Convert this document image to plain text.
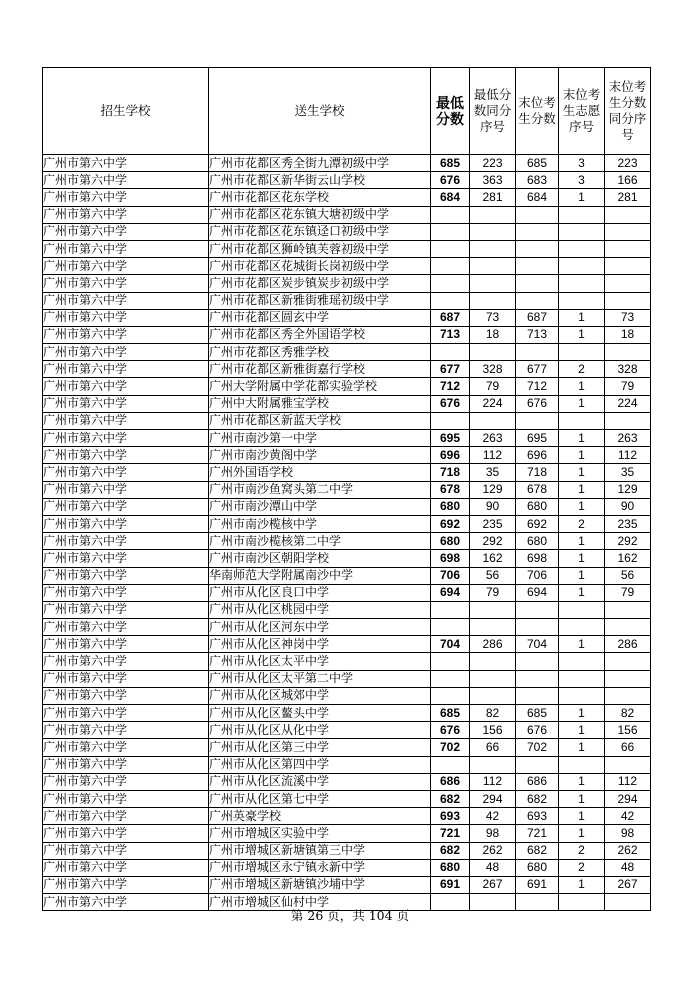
招生学校	送生学校	最低分数	最低分数同分序号	末位考生分数	末位考生志愿序号	末位考生分数同分序号
广州市第六中学	广州市花都区秀全街九潭初级中学	685	223	685	3	223
广州市第六中学	广州市花都区新华街云山学校	676	363	683	3	166
广州市第六中学	广州市花都区花东学校	684	281	684	1	281
广州市第六中学	广州市花都区花东镇大塘初级中学					
广州市第六中学	广州市花都区花东镇迳口初级中学					
广州市第六中学	广州市花都区狮岭镇芙蓉初级中学					
广州市第六中学	广州市花都区花城街长岗初级中学					
广州市第六中学	广州市花都区炭步镇炭步初级中学					
广州市第六中学	广州市花都区新雅街雅瑶初级中学					
广州市第六中学	广州市花都区圆玄中学	687	73	687	1	73
广州市第六中学	广州市花都区秀全外国语学校	713	18	713	1	18
广州市第六中学	广州市花都区秀雅学校					
广州市第六中学	广州市花都区新雅街嘉行学校	677	328	677	2	328
广州市第六中学	广州大学附属中学花都实验学校	712	79	712	1	79
广州市第六中学	广州中大附属雅宝学校	676	224	676	1	224
广州市第六中学	广州市花都区新蓝天学校					
广州市第六中学	广州市南沙第一中学	695	263	695	1	263
广州市第六中学	广州市南沙黄阁中学	696	112	696	1	112
广州市第六中学	广州外国语学校	718	35	718	1	35
广州市第六中学	广州市南沙鱼窝头第二中学	678	129	678	1	129
广州市第六中学	广州市南沙潭山中学	680	90	680	1	90
广州市第六中学	广州市南沙榄核中学	692	235	692	2	235
广州市第六中学	广州市南沙榄核第二中学	680	292	680	1	292
广州市第六中学	广州市南沙区朝阳学校	698	162	698	1	162
广州市第六中学	华南师范大学附属南沙中学	706	56	706	1	56
广州市第六中学	广州市从化区良口中学	694	79	694	1	79
广州市第六中学	广州市从化区桃园中学					
广州市第六中学	广州市从化区河东中学					
广州市第六中学	广州市从化区神岗中学	704	286	704	1	286
广州市第六中学	广州市从化区太平中学					
广州市第六中学	广州市从化区太平第二中学					
广州市第六中学	广州市从化区城郊中学					
广州市第六中学	广州市从化区鳌头中学	685	82	685	1	82
广州市第六中学	广州市从化区从化中学	676	156	676	1	156
广州市第六中学	广州市从化区第三中学	702	66	702	1	66
广州市第六中学	广州市从化区第四中学					
广州市第六中学	广州市从化区流溪中学	686	112	686	1	112
广州市第六中学	广州市从化区第七中学	682	294	682	1	294
广州市第六中学	广州英豪学校	693	42	693	1	42
广州市第六中学	广州市增城区实验中学	721	98	721	1	98
广州市第六中学	广州市增城区新塘镇第三中学	682	262	682	2	262
广州市第六中学	广州市增城区永宁镇永新中学	680	48	680	2	48
广州市第六中学	广州市增城区新塘镇沙埔中学	691	267	691	1	267
广州市第六中学	广州市增城区仙村中学					
第 26 页，共 104 页
